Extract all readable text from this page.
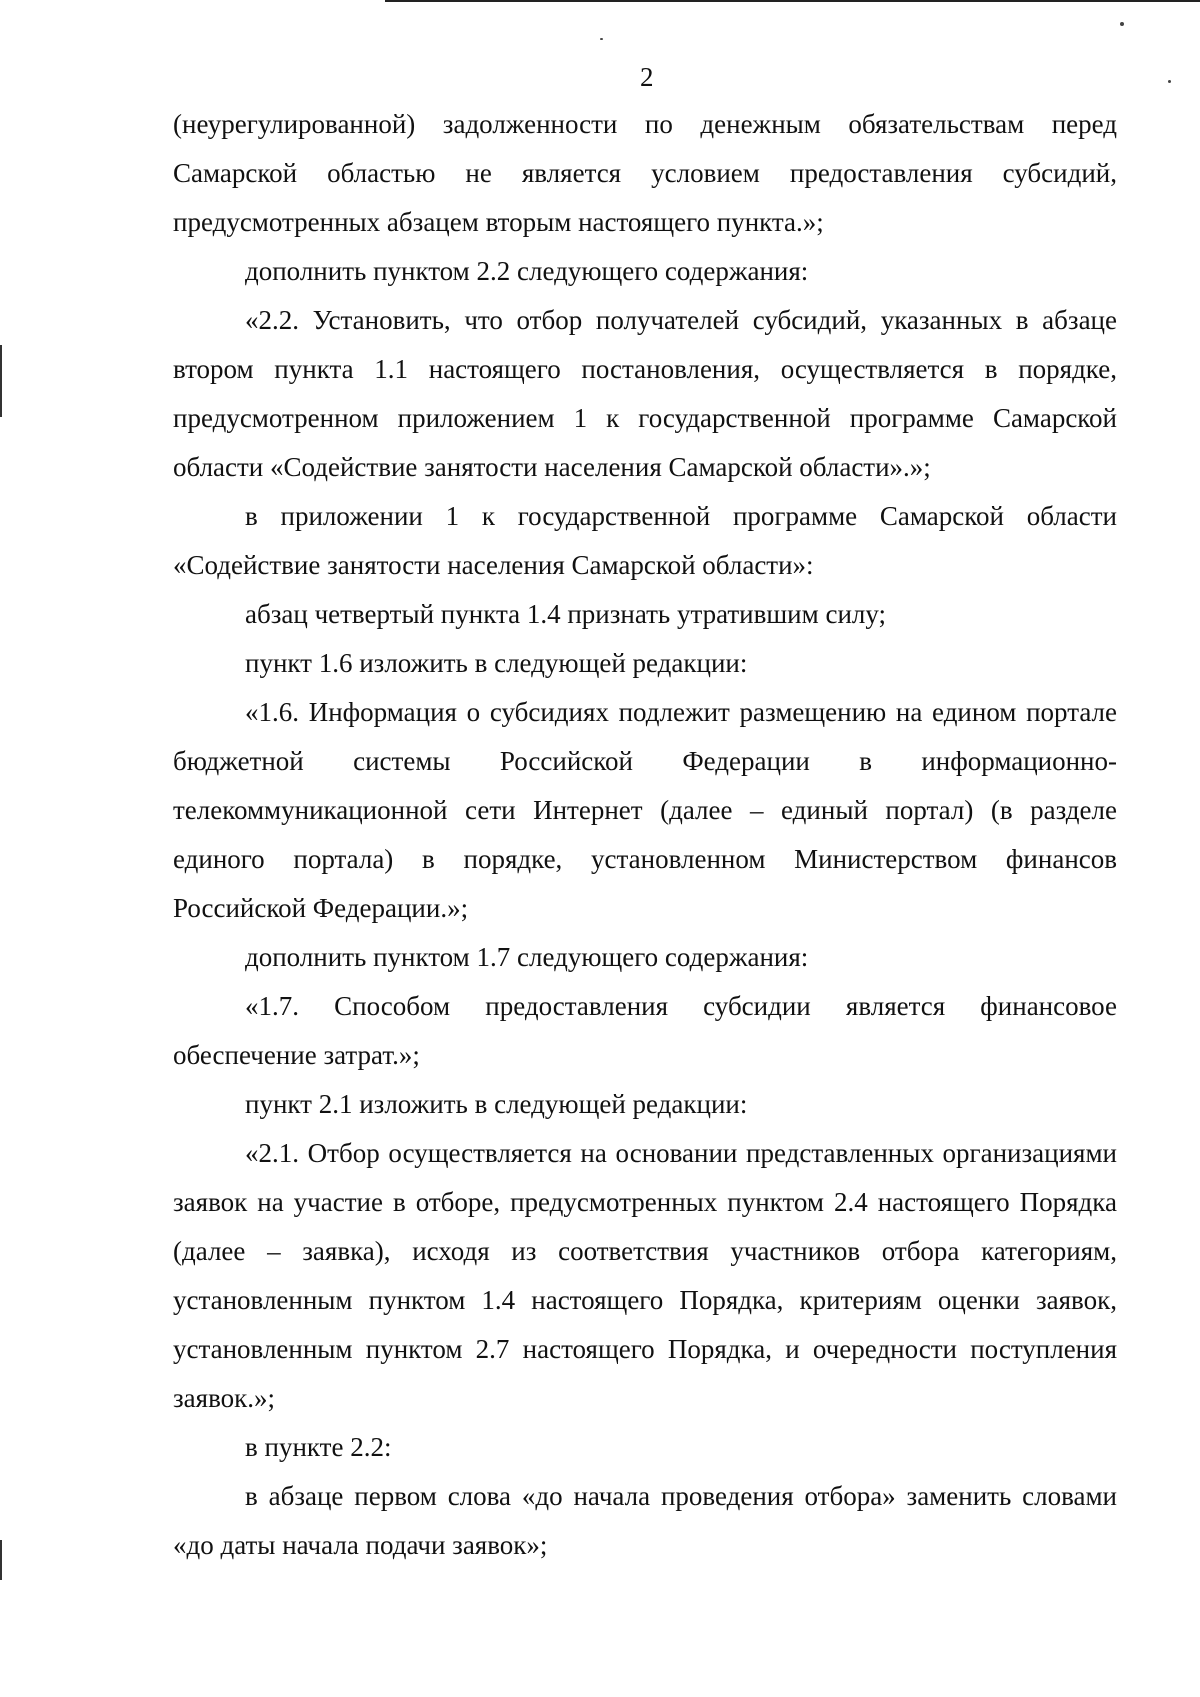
2

(неурегулированной) задолженности по денежным обязательствам перед Самарской областью не является условием предоставления субсидий, предусмотренных абзацем вторым настоящего пункта.»;

дополнить пунктом 2.2 следующего содержания:

«2.2. Установить, что отбор получателей субсидий, указанных в абзаце втором пункта 1.1 настоящего постановления, осуществляется в порядке, предусмотренном приложением 1 к государственной программе Самарской области «Содействие занятости населения Самарской области».»;

в приложении 1 к государственной программе Самарской области «Содействие занятости населения Самарской области»:

абзац четвертый пункта 1.4 признать утратившим силу;

пункт 1.6 изложить в следующей редакции:

«1.6. Информация о субсидиях подлежит размещению на едином портале бюджетной системы Российской Федерации в информационно-телекоммуникационной сети Интернет (далее – единый портал) (в разделе единого портала) в порядке, установленном Министерством финансов Российской Федерации.»;

дополнить пунктом 1.7 следующего содержания:

«1.7. Способом предоставления субсидии является финансовое обеспечение затрат.»;

пункт 2.1 изложить в следующей редакции:

«2.1. Отбор осуществляется на основании представленных организациями заявок на участие в отборе, предусмотренных пунктом 2.4 настоящего Порядка (далее – заявка), исходя из соответствия участников отбора категориям, установленным пунктом 1.4 настоящего Порядка, критериям оценки заявок, установленным пунктом 2.7 настоящего Порядка, и очередности поступления заявок.»;

в пункте 2.2:

в абзаце первом слова «до начала проведения отбора» заменить словами «до даты начала подачи заявок»;
